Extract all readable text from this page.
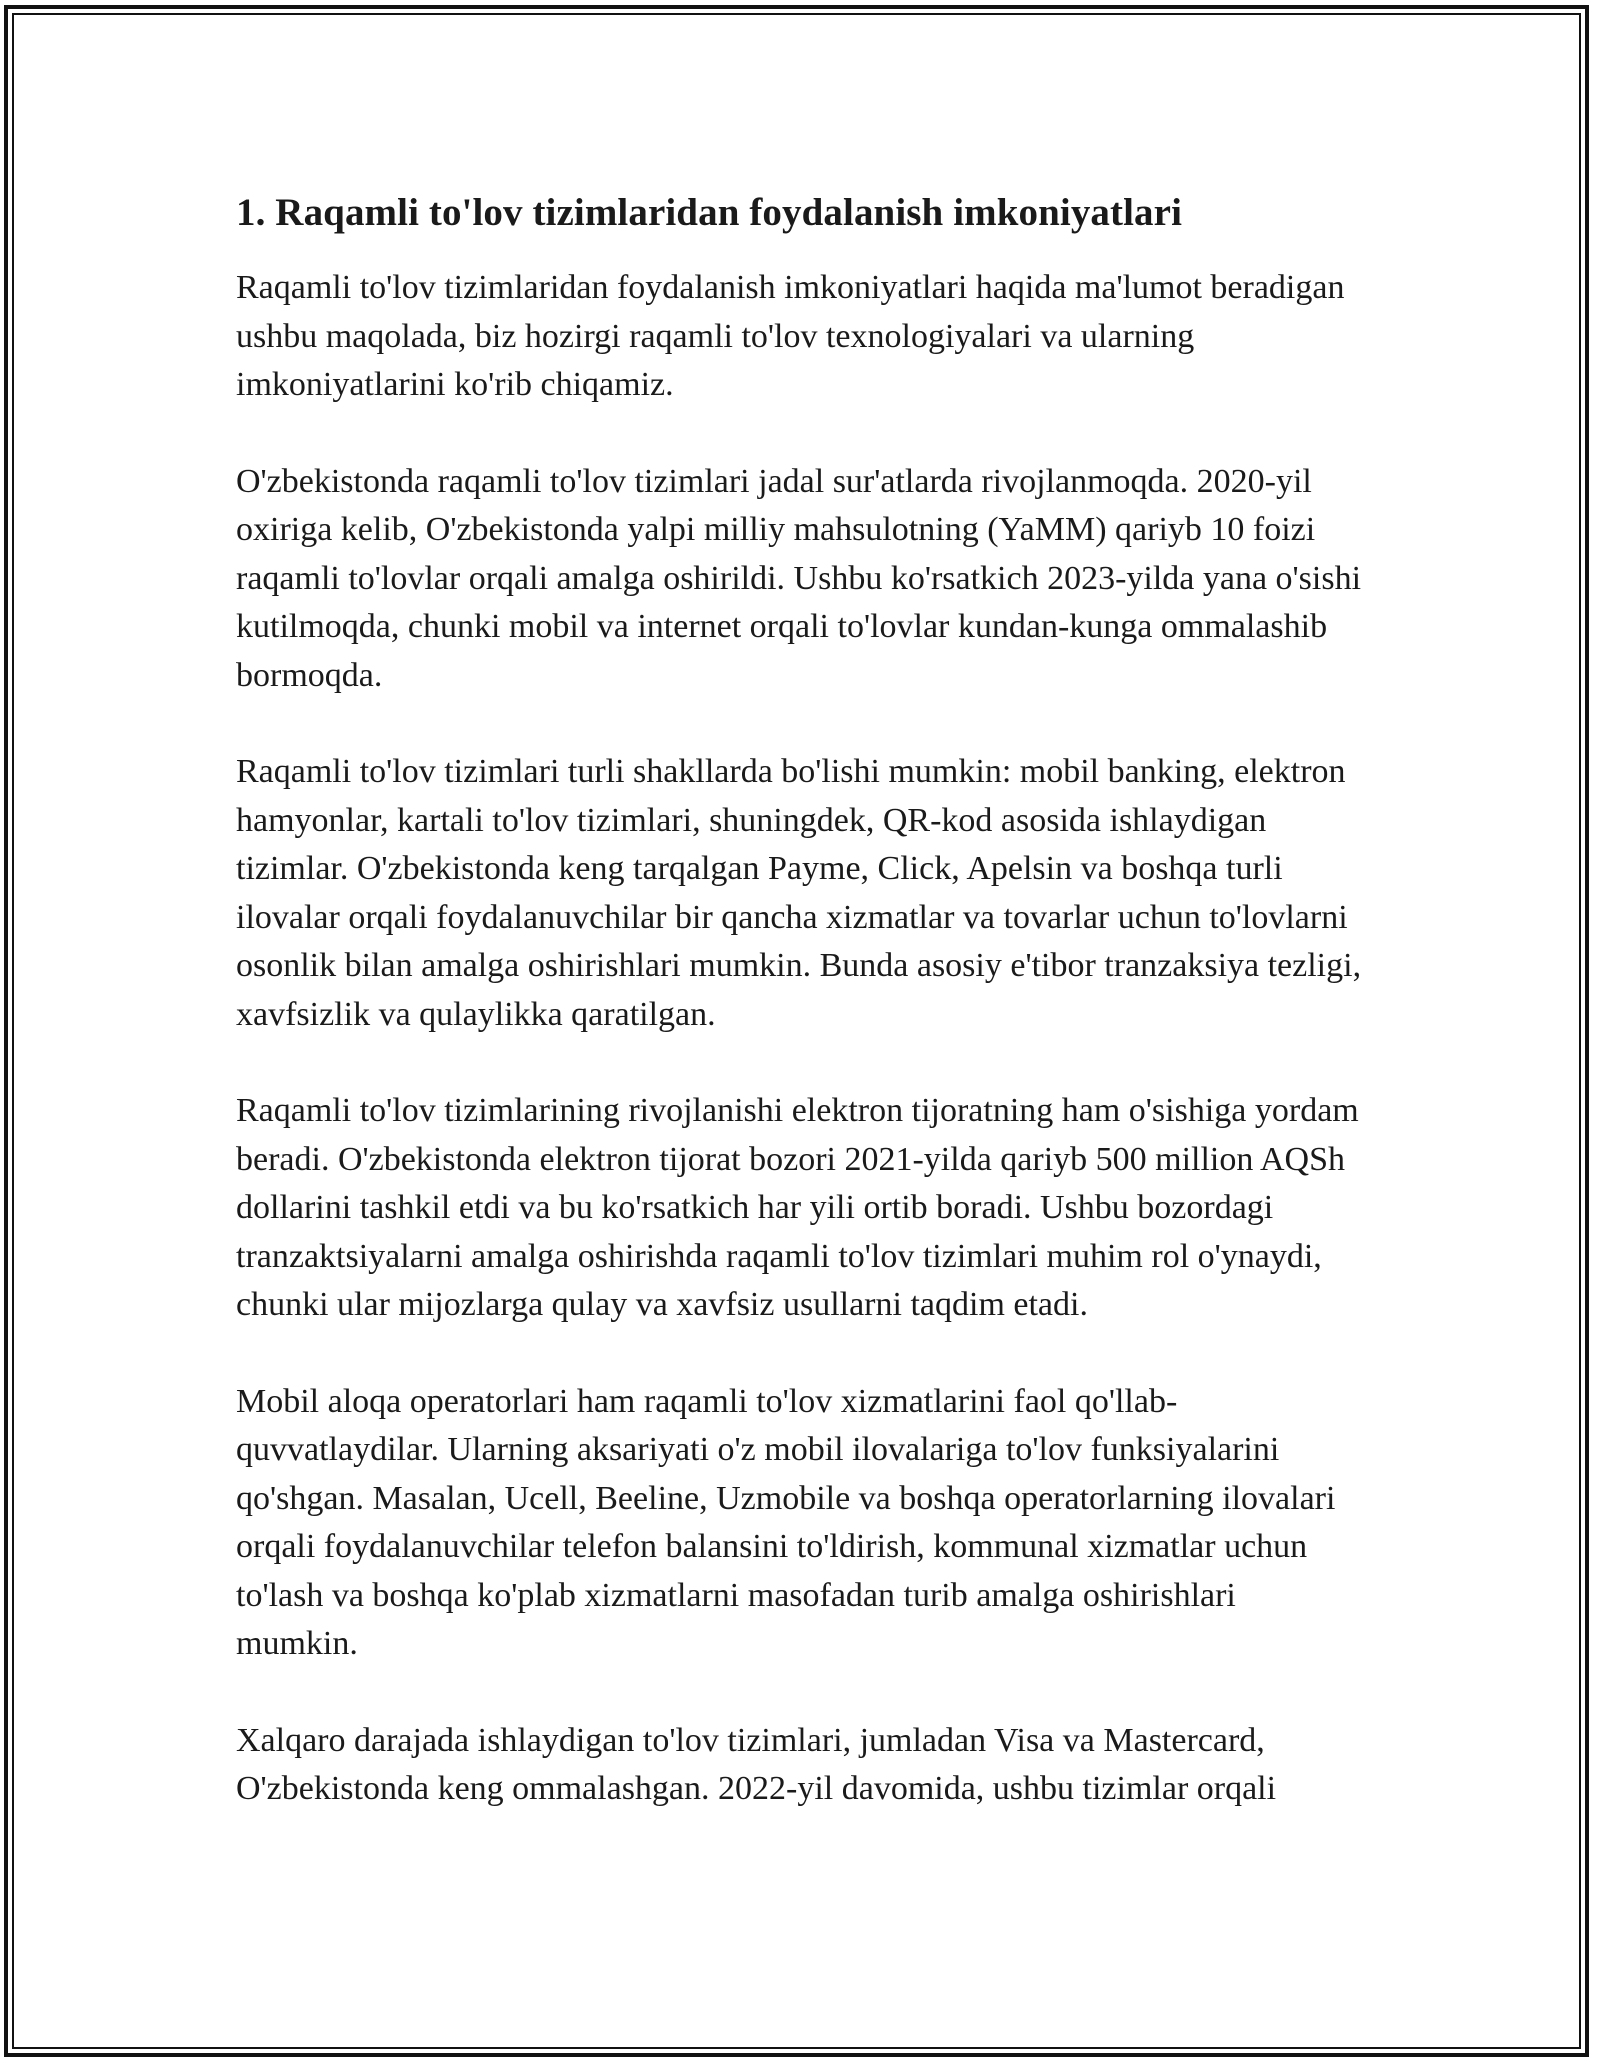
1. Raqamli to'lov tizimlaridan foydalanish imkoniyatlari

Raqamli to'lov tizimlaridan foydalanish imkoniyatlari haqida ma'lumot beradigan ushbu maqolada, biz hozirgi raqamli to'lov texnologiyalari va ularning imkoniyatlarini ko'rib chiqamiz.

O'zbekistonda raqamli to'lov tizimlari jadal sur'atlarda rivojlanmoqda. 2020-yil oxiriga kelib, O'zbekistonda yalpi milliy mahsulotning (YaMM) qariyb 10 foizi raqamli to'lovlar orqali amalga oshirildi. Ushbu ko'rsatkich 2023-yilda yana o'sishi kutilmoqda, chunki mobil va internet orqali to'lovlar kundan-kunga ommalashib bormoqda.

Raqamli to'lov tizimlari turli shakllarda bo'lishi mumkin: mobil banking, elektron hamyonlar, kartali to'lov tizimlari, shuningdek, QR-kod asosida ishlaydigan tizimlar. O'zbekistonda keng tarqalgan Payme, Click, Apelsin va boshqa turli ilovalar orqali foydalanuvchilar bir qancha xizmatlar va tovarlar uchun to'lovlarni osonlik bilan amalga oshirishlari mumkin. Bunda asosiy e'tibor tranzaksiya tezligi, xavfsizlik va qulaylikka qaratilgan.

Raqamli to'lov tizimlarining rivojlanishi elektron tijoratning ham o'sishiga yordam beradi. O'zbekistonda elektron tijorat bozori 2021-yilda qariyb 500 million AQSh dollarini tashkil etdi va bu ko'rsatkich har yili ortib boradi. Ushbu bozordagi tranzaktsiyalarni amalga oshirishda raqamli to'lov tizimlari muhim rol o'ynaydi, chunki ular mijozlarga qulay va xavfsiz usullarni taqdim etadi.

Mobil aloqa operatorlari ham raqamli to'lov xizmatlarini faol qo'llab-quvvatlaydilar. Ularning aksariyati o'z mobil ilovalariga to'lov funksiyalarini qo'shgan. Masalan, Ucell, Beeline, Uzmobile va boshqa operatorlarning ilovalari orqali foydalanuvchilar telefon balansini to'ldirish, kommunal xizmatlar uchun to'lash va boshqa ko'plab xizmatlarni masofadan turib amalga oshirishlari mumkin.

Xalqaro darajada ishlaydigan to'lov tizimlari, jumladan Visa va Mastercard, O'zbekistonda keng ommalashgan. 2022-yil davomida, ushbu tizimlar orqali
